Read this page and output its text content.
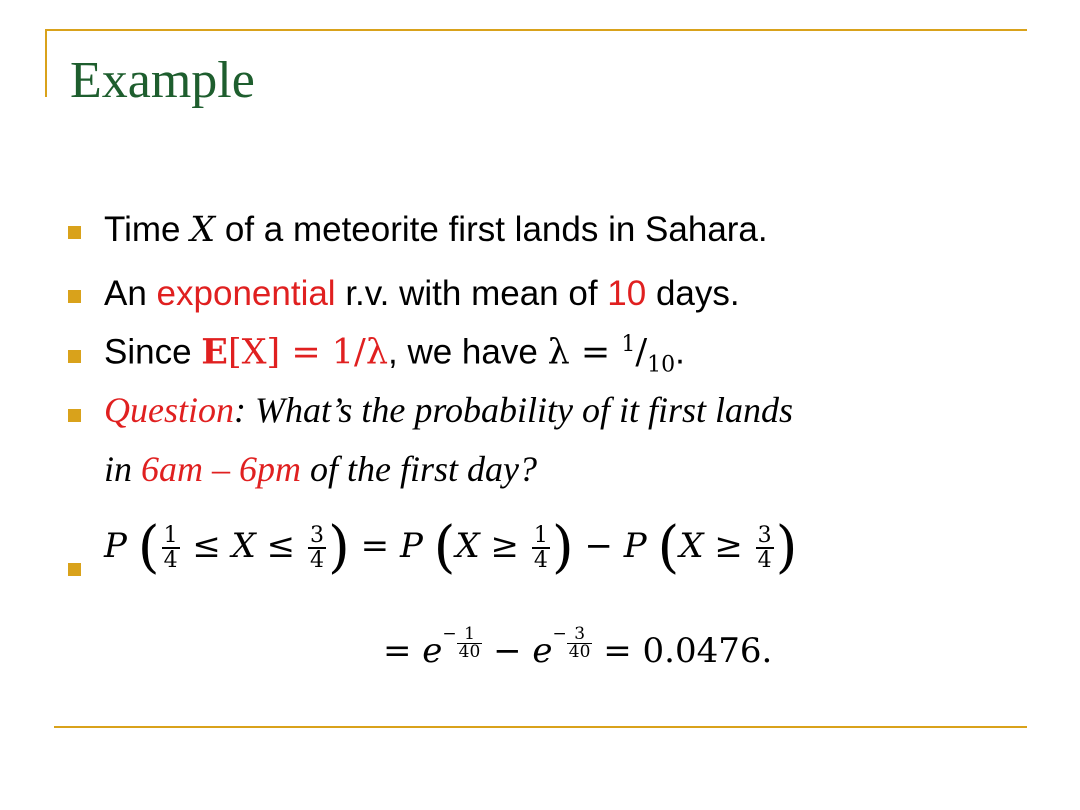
Example
Time X of a meteorite first lands in Sahara.
An exponential r.v. with mean of 10 days.
Since E[X] = 1/λ, we have $\lambda = ^1/_{10}$.
Question: What’s the probability of it first lands
in 6am – 6pm of the first day?
P ( $\frac{1}{4} \le X \le \frac{3}{4}$ ) = P ($X \ge \frac{1}{4}$ ) − P ($X \ge \frac{3}{4}$ )
= $e- \frac{1}{40} - e- \frac{3}{40} = 0.0476$.
